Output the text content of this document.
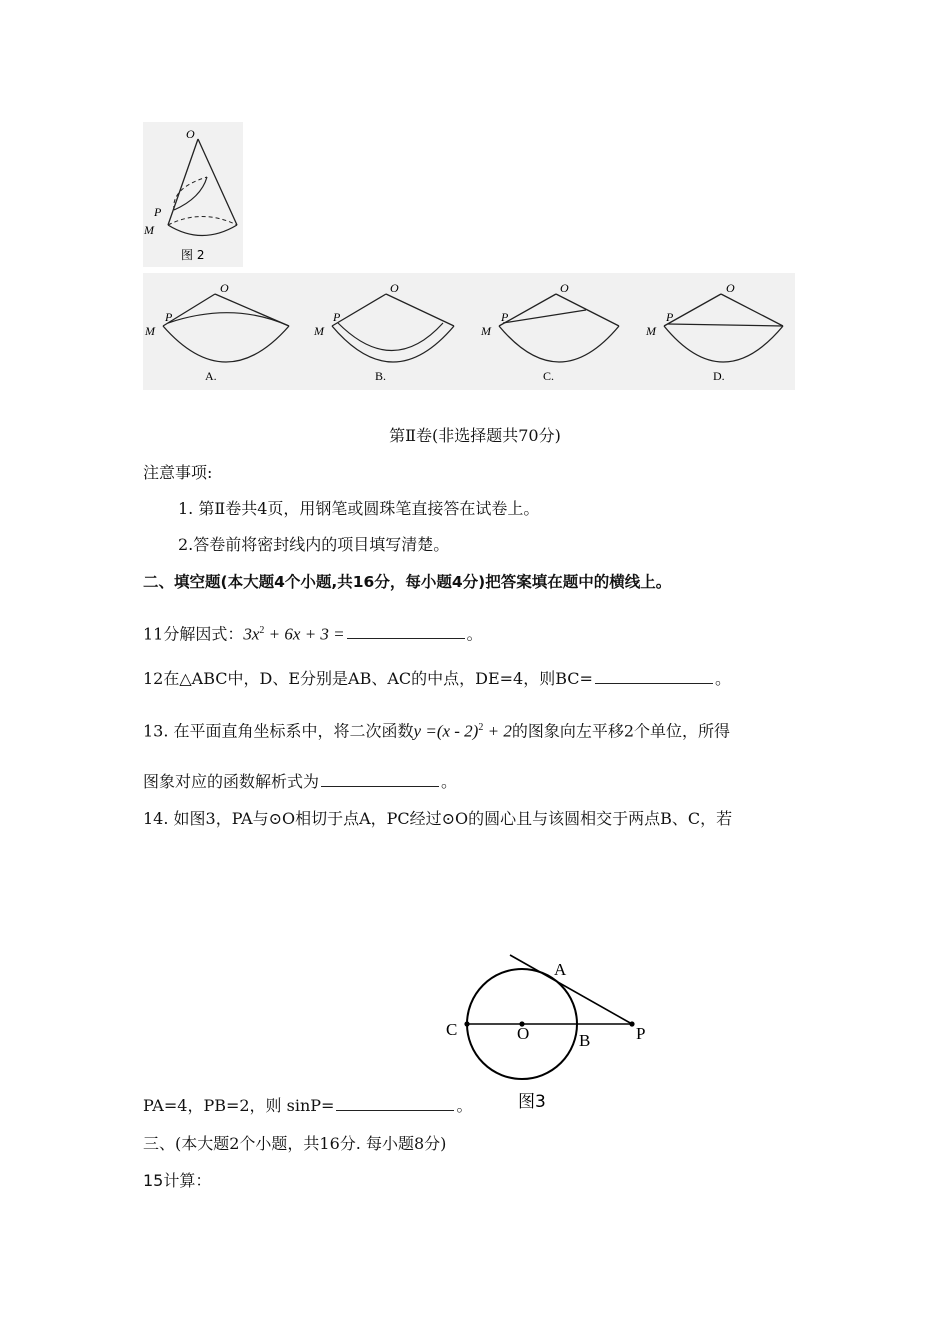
O
P
M
图 2
O
P
M
A.
O
P
M
B.
O
P
M
C.
O
P
M
D.
第Ⅱ卷(非选择题共70分)
注意事项:
1. 第Ⅱ卷共4页，用钢笔或圆珠笔直接答在试卷上。
2.答卷前将密封线内的项目填写清楚。
二、填空题(本大题4个小题,共16分，每小题4分)把答案填在题中的横线上。
11分解因式：$3x^2 + 6x + 3$ =	。
12在△ABC中，D、E分别是AB、AC的中点，DE=4，则BC=	。
13. 在平面直角坐标系中，将二次函数y =(x - 2)$^2$ + 2的图象向左平移2个单位，所得
图象对应的函数解析式为	。
14. 如图3，PA与⊙O相切于点A，PC经过⊙O的圆心且与该圆相交于两点B、C，若
A
C	O	B	P
图3
PA=4，PB=2，则 sinP=	。
三、(本大题2个小题，共16分. 每小题8分)
15计算：
